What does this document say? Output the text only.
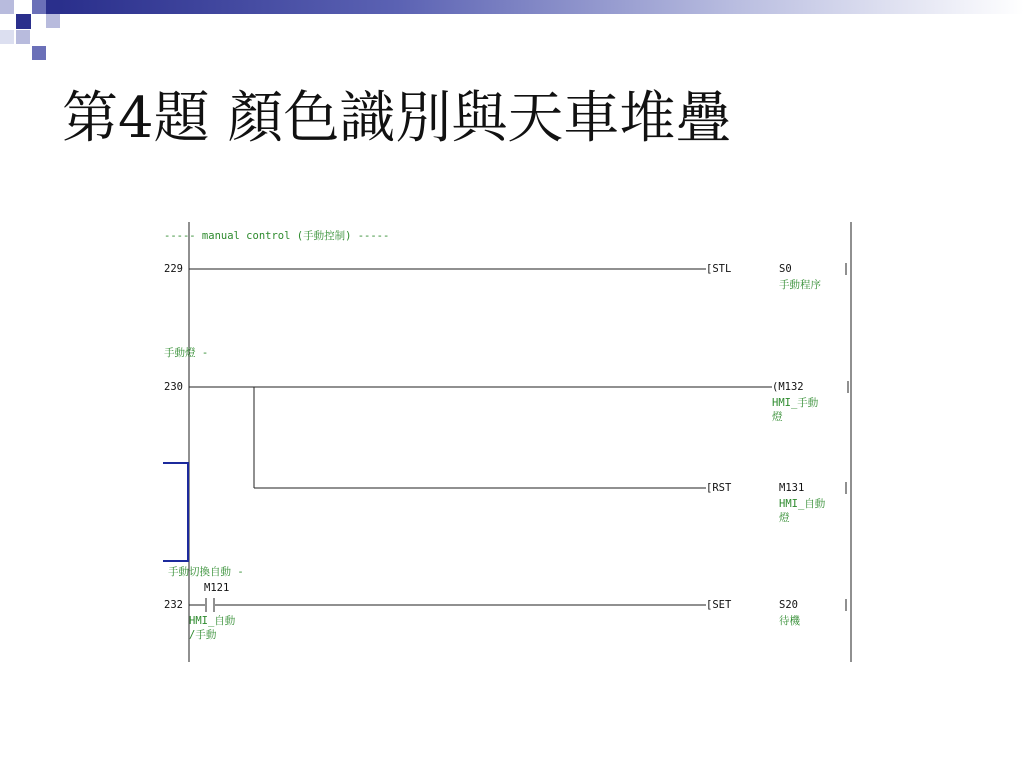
第4題 顏色識別與天車堆疊

----- manual control (手動控制) -----

229	[STL	S0

手動程序

手動燈 -

230	(M132

HMI_手動
燈

[RST	M131

HMI_自動
燈

手動切換自動 -

M121

232

HMI_自動
/手動

[SET	S20

待機
